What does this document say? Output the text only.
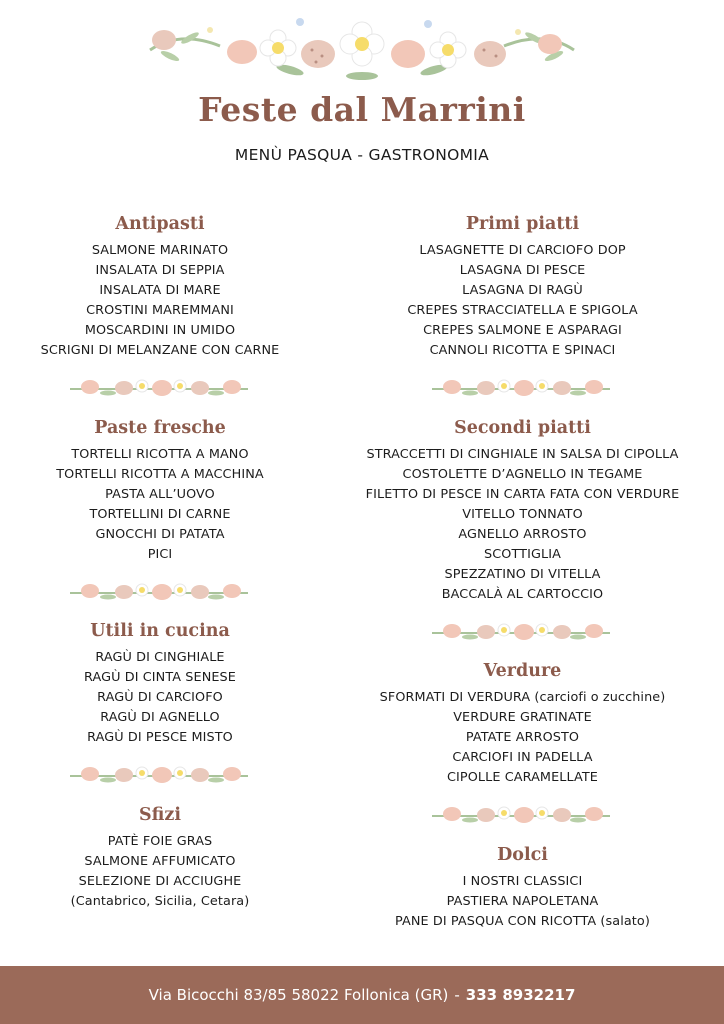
Feste dal Marrini
MENÙ PASQUA - GASTRONOMIA
Antipasti
SALMONE MARINATO
INSALATA DI SEPPIA
INSALATA DI MARE
CROSTINI MAREMMANI
MOSCARDINI IN UMIDO
SCRIGNI DI MELANZANE CON CARNE
Paste fresche
TORTELLI RICOTTA A MANO
TORTELLI RICOTTA A MACCHINA
PASTA ALL’UOVO
TORTELLINI DI CARNE
GNOCCHI DI PATATA
PICI
Utili in cucina
RAGÙ DI CINGHIALE
RAGÙ DI CINTA SENESE
RAGÙ DI CARCIOFO
RAGÙ DI AGNELLO
RAGÙ DI PESCE MISTO
Sfizi
PATÈ FOIE GRAS
SALMONE AFFUMICATO
SELEZIONE DI ACCIUGHE
(Cantabrico, Sicilia, Cetara)
Primi piatti
LASAGNETTE DI CARCIOFO DOP
LASAGNA DI PESCE
LASAGNA DI RAGÙ
CREPES STRACCIATELLA E SPIGOLA
CREPES SALMONE E ASPARAGI
CANNOLI RICOTTA E SPINACI
Secondi piatti
STRACCETTI DI CINGHIALE IN SALSA DI CIPOLLA
COSTOLETTE D’AGNELLO IN TEGAME
FILETTO DI PESCE IN CARTA FATA CON VERDURE
VITELLO TONNATO
AGNELLO ARROSTO
SCOTTIGLIA
SPEZZATINO DI VITELLA
BACCALÀ AL CARTOCCIO
Verdure
SFORMATI DI VERDURA (carciofi o zucchine)
VERDURE GRATINATE
PATATE ARROSTO
CARCIOFI IN PADELLA
CIPOLLE CARAMELLATE
Dolci
I NOSTRI CLASSICI
PASTIERA NAPOLETANA
PANE DI PASQUA CON RICOTTA (salato)
Via Bicocchi 83/85 58022 Follonica (GR) - 333 8932217
